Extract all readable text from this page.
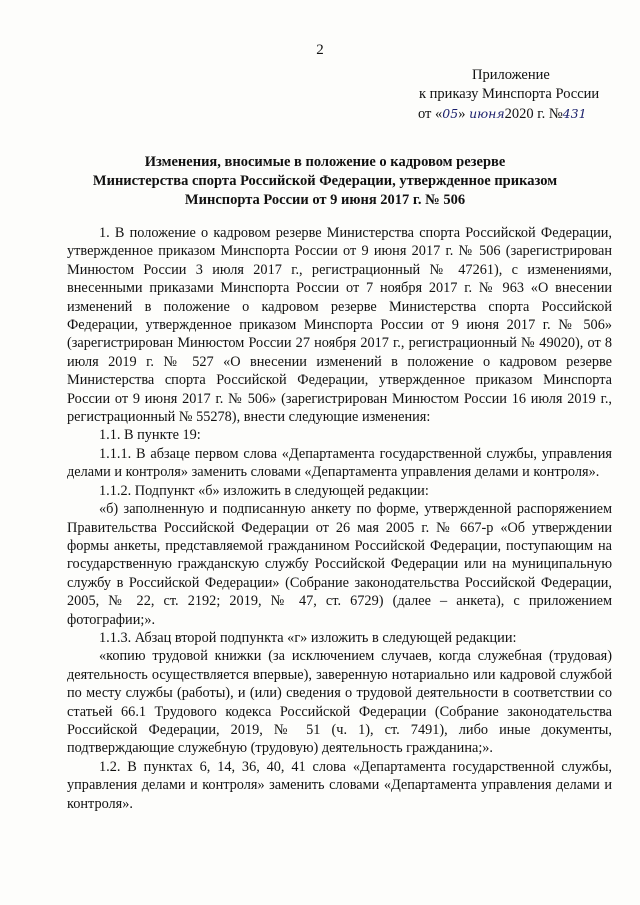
2
Приложение
к приказу Минспорта России
от «05» июня2020 г. №431
Изменения, вносимые в положение о кадровом резерве
Министерства спорта Российской Федерации, утвержденное приказом
Минспорта России от 9 июня 2017 г. № 506

1. В положение о кадровом резерве Министерства спорта Российской Федерации, утвержденное приказом Минспорта России от 9 июня 2017 г. № 506 (зарегистрирован Минюстом России 3 июля 2017 г., регистрационный № 47261), с изменениями, внесенными приказами Минспорта России от 7 ноября 2017 г. № 963 «О внесении изменений в положение о кадровом резерве Министерства спорта Российской Федерации, утвержденное приказом Минспорта России от 9 июня 2017 г. № 506» (зарегистрирован Минюстом России 27 ноября 2017 г., регистрационный № 49020), от 8 июля 2019 г. № 527 «О внесении изменений в положение о кадровом резерве Министерства спорта Российской Федерации, утвержденное приказом Минспорта России от 9 июня 2017 г. № 506» (зарегистрирован Минюстом России 16 июля 2019 г., регистрационный № 55278), внести следующие изменения:

1.1. В пункте 19:

1.1.1. В абзаце первом слова «Департамента государственной службы, управления делами и контроля» заменить словами «Департамента управления делами и контроля».

1.1.2. Подпункт «б» изложить в следующей редакции:

«б) заполненную и подписанную анкету по форме, утвержденной распоряжением Правительства Российской Федерации от 26 мая 2005 г. № 667-р «Об утверждении формы анкеты, представляемой гражданином Российской Федерации, поступающим на государственную гражданскую службу Российской Федерации или на муниципальную службу в Российской Федерации» (Собрание законодательства Российской Федерации, 2005, № 22, ст. 2192; 2019, № 47, ст. 6729) (далее – анкета), с приложением фотографии;».

1.1.3. Абзац второй подпункта «г» изложить в следующей редакции:

«копию трудовой книжки (за исключением случаев, когда служебная (трудовая) деятельность осуществляется впервые), заверенную нотариально или кадровой службой по месту службы (работы), и (или) сведения о трудовой деятельности в соответствии со статьей 66.1 Трудового кодекса Российской Федерации (Собрание законодательства Российской Федерации, 2019, № 51 (ч. 1), ст. 7491), либо иные документы, подтверждающие служебную (трудовую) деятельность гражданина;».

1.2. В пунктах 6, 14, 36, 40, 41 слова «Департамента государственной службы, управления делами и контроля» заменить словами «Департамента управления делами и контроля».
